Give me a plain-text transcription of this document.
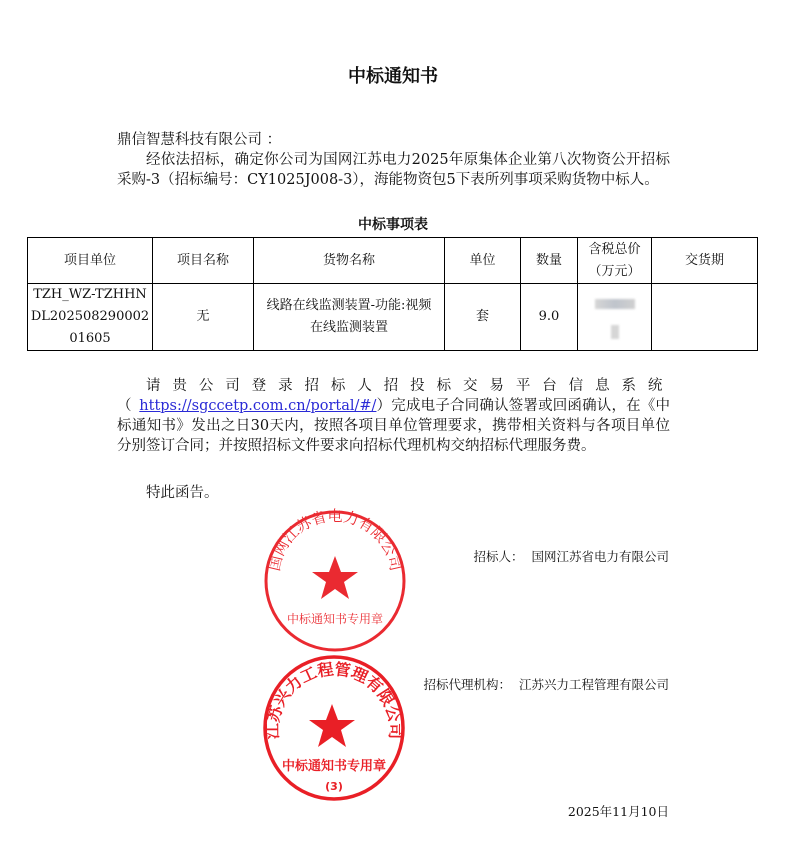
中标通知书
鼎信智慧科技有限公司 ：
经依法招标，确定你公司为国网江苏电力2025年原集体企业第八次物资公开招标采购-3（招标编号：CY1025J008-3），海能物资包5下表所列事项采购货物中标人。
中标事项表
项目单位	项目名称	货物名称	单位	数量	含税总价（万元）	交货期
TZH_WZ-TZHHNDL20250829000201605	无	线路在线监测装置-功能:视频在线监测装置	套	9.0	

请贵公司登录招标人招投标交易平台信息系统（https://sgccetp.com.cn/portal/#/）完成电子合同确认签署或回函确认，在《中标通知书》发出之日30天内，按照各项目单位管理要求，携带相关资料与各项目单位分别签订合同；并按照招标文件要求向招标代理机构交纳招标代理服务费。
特此函告。
招标人： 国网江苏省电力有限公司
招标代理机构： 江苏兴力工程管理有限公司
2025年11月10日
国网江苏省电力有限公司
中标通知书专用章
江苏兴力工程管理有限公司
中标通知书专用章
(3)
